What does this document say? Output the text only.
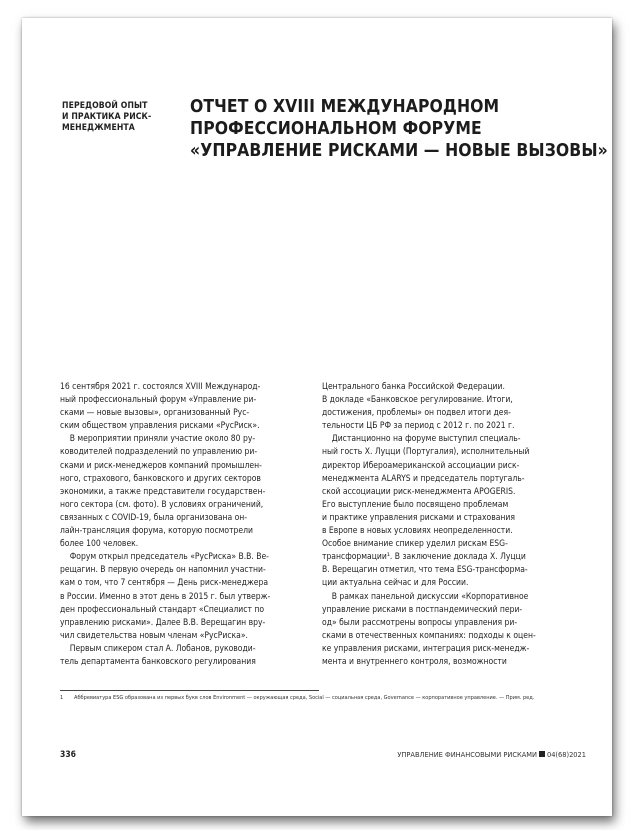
ПЕРЕДОВОЙ ОПЫТ
И ПРАКТИКА РИСК-
МЕНЕДЖМЕНТА
ОТЧЕТ О XVIII МЕЖДУНАРОДНОМ
ПРОФЕССИОНАЛЬНОМ ФОРУМЕ
«УПРАВЛЕНИЕ РИСКАМИ — НОВЫЕ ВЫЗОВЫ»
16 сентября 2021 г. состоялся XVIII Международ-
ный профессиональный форум «Управление ри-
сками — новые вызовы», организованный Рус-
ским обществом управления рисками «РусРиск».
В мероприятии приняли участие около 80 ру-
ководителей подразделений по управлению ри-
сками и риск-менеджеров компаний промышлен-
ного, страхового, банковского и других секторов
экономики, а также представители государствен-
ного сектора (см. фото). В условиях ограничений,
связанных с COVID-19, была организована он-
лайн-трансляция форума, которую посмотрели
более 100 человек.
Форум открыл председатель «РусРиска» В.В. Ве-
рещагин. В первую очередь он напомнил участни-
кам о том, что 7 сентября — День риск-менеджера
в России. Именно в этот день в 2015 г. был утверж-
ден профессиональный стандарт «Специалист по
управлению рисками». Далее В.В. Верещагин вру-
чил свидетельства новым членам «РусРиска».
Первым спикером стал А. Лобанов, руководи-
тель департамента банковского регулирования
Центрального банка Российской Федерации.
В докладе «Банковское регулирование. Итоги,
достижения, проблемы» он подвел итоги дея-
тельности ЦБ РФ за период с 2012 г. по 2021 г.
Дистанционно на форуме выступил специаль-
ный гость Х. Луцци (Португалия), исполнительный
директор Ибероамериканской ассоциации риск-
менеджмента ALARYS и председатель португаль-
ской ассоциации риск-менеджмента APOGERIS.
Его выступление было посвящено проблемам
и практике управления рисками и страхования
в Европе в новых условиях неопределенности.
Особое внимание спикер уделил рискам ESG-
трансформации¹. В заключение доклада Х. Луцци
В. Верещагин отметил, что тема ESG-трансформа-
ции актуальна сейчас и для России.
В рамках панельной дискуссии «Корпоративное
управление рисками в постпандемический пери-
од» были рассмотрены вопросы управления ри-
сками в отечественных компаниях: подходы к оцен-
ке управления рисками, интеграция риск-менедж-
мента и внутреннего контроля, возможности
1 Аббревиатура ESG образована из первых букв слов Environment — окружающая среда, Social — социальная среда, Governance — корпоративное управление. — Прим. ред.
336	УПРАВЛЕНИЕ ФИНАНСОВЫМИ РИСКАМИ 04(68)2021
